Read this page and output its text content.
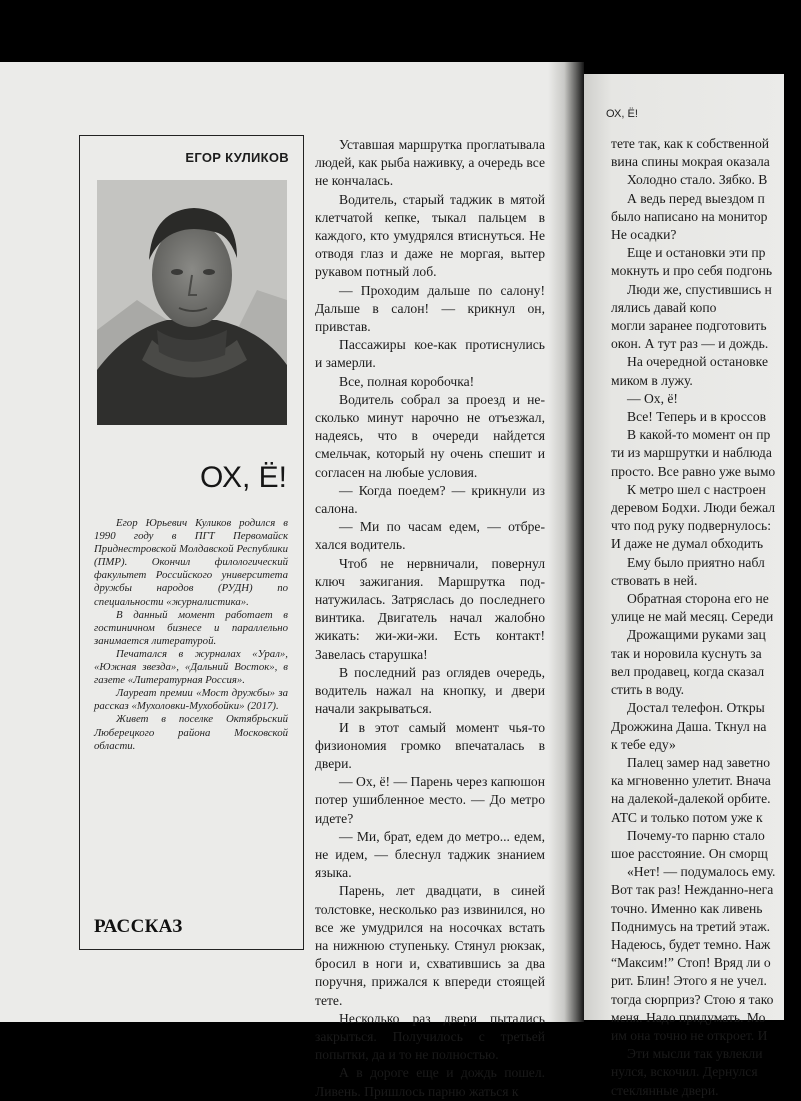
ЕГОР КУЛИКОВ
ОХ, Ё!

Егор Юрьевич Куликов родился в 1990 году в ПГТ Первомайск Приднестровской Молдавской Республики (ПМР). Окончил филологический факультет Российского университета дружбы народов (РУДН) по специальности «журналистика».

В данный момент работает в гостиничном бизнесе и параллельно занимается литературой.

Печатался в журналах «Урал», «Южная звезда», «Дальний Восток», в газете «Литературная Россия».

Лауреат премии «Мост дружбы» за рассказ «Мухоловки-Мухобойки» (2017).

Живет в поселке Октябрьский Люберецкого района Московской области.

РАССКАЗ

Уставшая маршрутка проглатывала людей, как рыба наживку, а очередь все не кончалась.

Водитель, старый таджик в мятой клетчатой кепке, тыкал пальцем в каждого, кто умудрялся втиснуться. Не отводя глаз и даже не моргая, вытер рукавом потный лоб.

— Проходим дальше по салону! Дальше в салон! — крикнул он, привстав.

Пассажиры кое-как протиснулись и замерли.

Все, полная коробочка!

Водитель собрал за проезд и несколько минут нарочно не отъезжал, надеясь, что в очереди найдется смельчак, который ну очень спешит и согласен на любые условия.

— Когда поедем? — крикнули из салона.

— Ми по часам едем, — отбрехался водитель.

Чтоб не нервничали, повернул ключ зажигания. Маршрутка поднатужилась. Затряслась до последнего винтика. Двигатель начал жалобно жикать: жи-жи-жи. Есть контакт! Завелась старушка!

В последний раз оглядев очередь, водитель нажал на кнопку, и двери начали закрываться.

И в этот самый момент чья-то физиономия громко впечаталась в двери.

— Ох, ё! — Парень через капюшон потер ушибленное место. — До метро идете?

— Ми, брат, едем до метро... едем, не идем, — блеснул таджик знанием языка.

Парень, лет двадцати, в синей толстовке, несколько раз извинился, но все же умудрился на носочках встать на нижнюю ступеньку. Стянул рюкзак, бросил в ноги и, схватившись за два поручня, прижался к впереди стоящей тете.

Несколько раз двери пытались закрыться. Получилось с третьей попытки, да и то не полностью.

А в дороге еще и дождь пошел. Ливень. Пришлось парню жаться к

ОХ, Ё!

тете так, как к собственной

вина спины мокрая оказала

Холодно стало. Зябко. В

А ведь перед выездом п

было написано на монитор

Не осадки?

Еще и остановки эти пр

мокнуть и про себя подгонь

Люди же, спустившись н

лялись давай копо

могли заранее подготовить

окон. А тут раз — и дождь.

На очередной остановке

миком в лужу.

— Ох, ё!

Все! Теперь и в кроссов

В какой-то момент он пр

ти из маршрутки и наблюда

просто. Все равно уже вымо

К метро шел с настроен

деревом Бодхи. Люди бежал

что под руку подвернулось:

И даже не думал обходить

Ему было приятно набл

ствовать в ней.

Обратная сторона его не

улице не май месяц. Середи

Дрожащими руками зац

так и норовила куснуть за

вел продавец, когда сказал

стить в воду.

Достал телефон. Откры

Дрожжина Даша. Ткнул на

к тебе еду»

Палец замер над заветно

ка мгновенно улетит. Внача

на далекой-далекой орбите.

АТС и только потом уже к

Почему-то парню стало

шое расстояние. Он сморщ

«Нет! — подумалось ему.

Вот так раз! Нежданно-нега

точно. Именно как ливень

Поднимусь на третий этаж.

Надеюсь, будет темно. Наж

“Максим!” Стоп! Вряд ли о

рит. Блин! Этого я не учел.

тогда сюрприз? Стою я тако

меня. Надо придумать. Мо

им она точно не откроет. И

Эти мысли так увлекли

нулся, вскочил. Дернулся

стеклянные двери.
